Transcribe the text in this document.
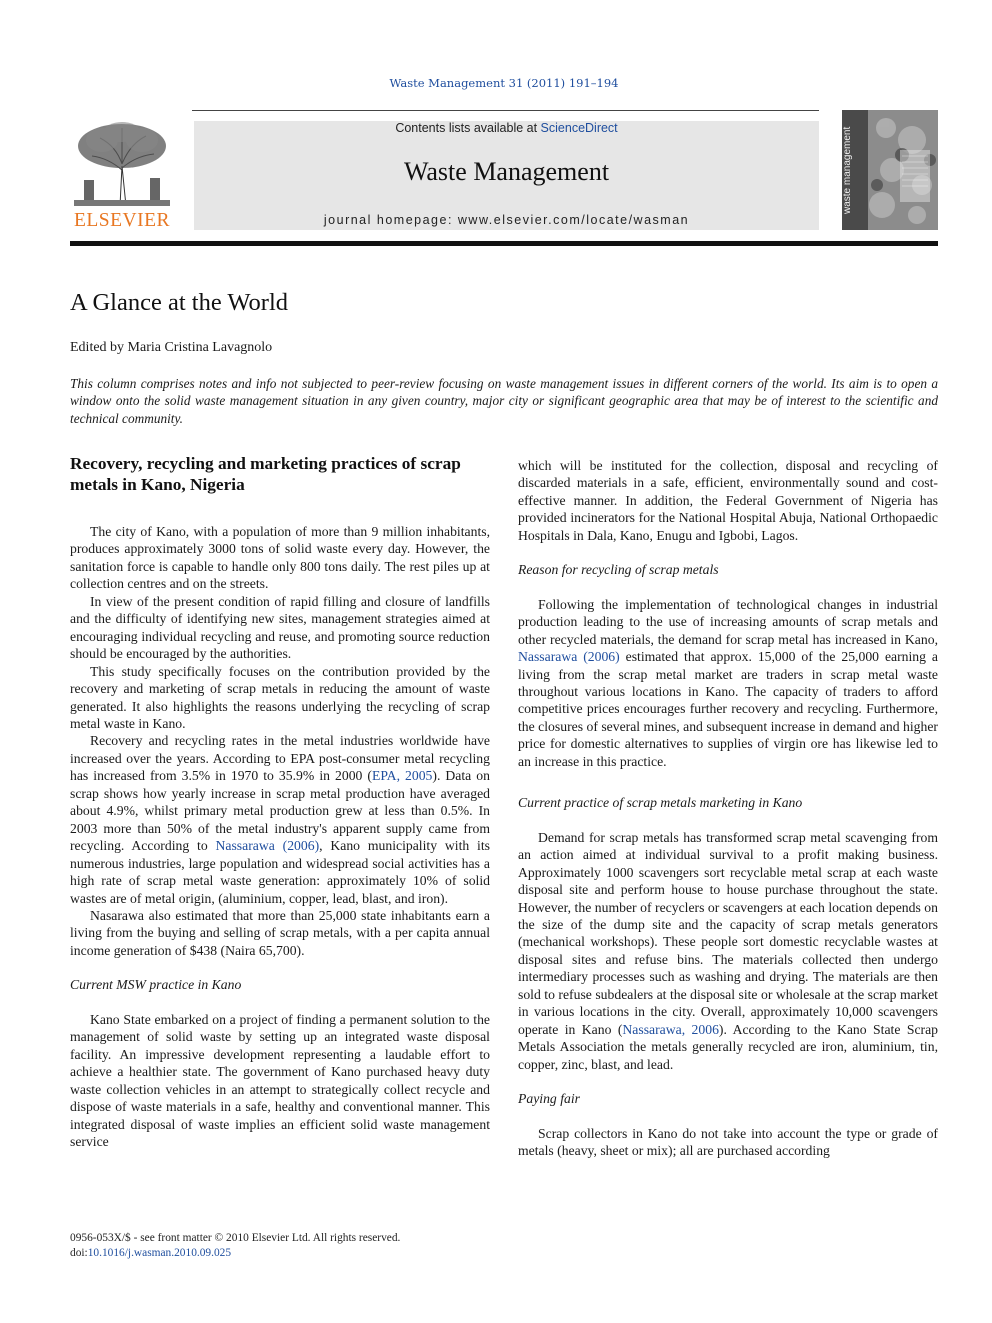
Waste Management 31 (2011) 191–194
ELSEVIER
Contents lists available at ScienceDirect
Waste Management
journal homepage: www.elsevier.com/locate/wasman
waste management
A Glance at the World
Edited by Maria Cristina Lavagnolo
This column comprises notes and info not subjected to peer-review focusing on waste management issues in different corners of the world. Its aim is to open a window onto the solid waste management situation in any given country, major city or significant geographic area that may be of interest to the scientific and technical community.
Recovery, recycling and marketing practices of scrap metals in Kano, Nigeria

The city of Kano, with a population of more than 9 million inhabitants, produces approximately 3000 tons of solid waste every day. However, the sanitation force is capable to handle only 800 tons daily. The rest piles up at collection centres and on the streets.

In view of the present condition of rapid filling and closure of landfills and the difficulty of identifying new sites, management strategies aimed at encouraging individual recycling and reuse, and promoting source reduction should be encouraged by the authorities.

This study specifically focuses on the contribution provided by the recovery and marketing of scrap metals in reducing the amount of waste generated. It also highlights the reasons underlying the recycling of scrap metal waste in Kano.

Recovery and recycling rates in the metal industries worldwide have increased over the years. According to EPA post-consumer metal recycling has increased from 3.5% in 1970 to 35.9% in 2000 (EPA, 2005). Data on scrap shows how yearly increase in scrap metal production have averaged about 4.9%, whilst primary metal production grew at less than 0.5%. In 2003 more than 50% of the metal industry's apparent supply came from recycling. According to Nassarawa (2006), Kano municipality with its numerous industries, large population and widespread social activities has a high rate of scrap metal waste generation: approximately 10% of solid wastes are of metal origin, (aluminium, copper, lead, blast, and iron).

Nasarawa also estimated that more than 25,000 state inhabitants earn a living from the buying and selling of scrap metals, with a per capita annual income generation of $438 (Naira 65,700).

Current MSW practice in Kano

Kano State embarked on a project of finding a permanent solution to the management of solid waste by setting up an integrated waste disposal facility. An impressive development representing a laudable effort to achieve a healthier state. The government of Kano purchased heavy duty waste collection vehicles in an attempt to strategically collect recycle and dispose of waste materials in a safe, healthy and conventional manner. This integrated disposal of waste implies an efficient solid waste management service

which will be instituted for the collection, disposal and recycling of discarded materials in a safe, efficient, environmentally sound and cost-effective manner. In addition, the Federal Government of Nigeria has provided incinerators for the National Hospital Abuja, National Orthopaedic Hospitals in Dala, Kano, Enugu and Igbobi, Lagos.

Reason for recycling of scrap metals

Following the implementation of technological changes in industrial production leading to the use of increasing amounts of scrap metals and other recycled materials, the demand for scrap metal has increased in Kano, Nassarawa (2006) estimated that approx. 15,000 of the 25,000 earning a living from the scrap metal market are traders in scrap metal waste throughout various locations in Kano. The capacity of traders to afford competitive prices encourages further recovery and recycling. Furthermore, the closures of several mines, and subsequent increase in demand and higher price for domestic alternatives to supplies of virgin ore has likewise led to an increase in this practice.

Current practice of scrap metals marketing in Kano

Demand for scrap metals has transformed scrap metal scavenging from an action aimed at individual survival to a profit making business. Approximately 1000 scavengers sort recyclable metal scrap at each waste disposal site and perform house to house purchase throughout the state. However, the number of recyclers or scavengers at each location depends on the size of the dump site and the capacity of scrap metals generators (mechanical workshops). These people sort domestic recyclable wastes at disposal sites and refuse bins. The materials collected then undergo intermediary processes such as washing and drying. The materials are then sold to refuse subdealers at the disposal site or wholesale at the scrap market in various locations in the city. Overall, approximately 10,000 scavengers operate in Kano (Nassarawa, 2006). According to the Kano State Scrap Metals Association the metals generally recycled are iron, aluminium, tin, copper, zinc, blast, and lead.

Paying fair

Scrap collectors in Kano do not take into account the type or grade of metals (heavy, sheet or mix); all are purchased according

0956-053X/$ - see front matter © 2010 Elsevier Ltd. All rights reserved.
doi:10.1016/j.wasman.2010.09.025
